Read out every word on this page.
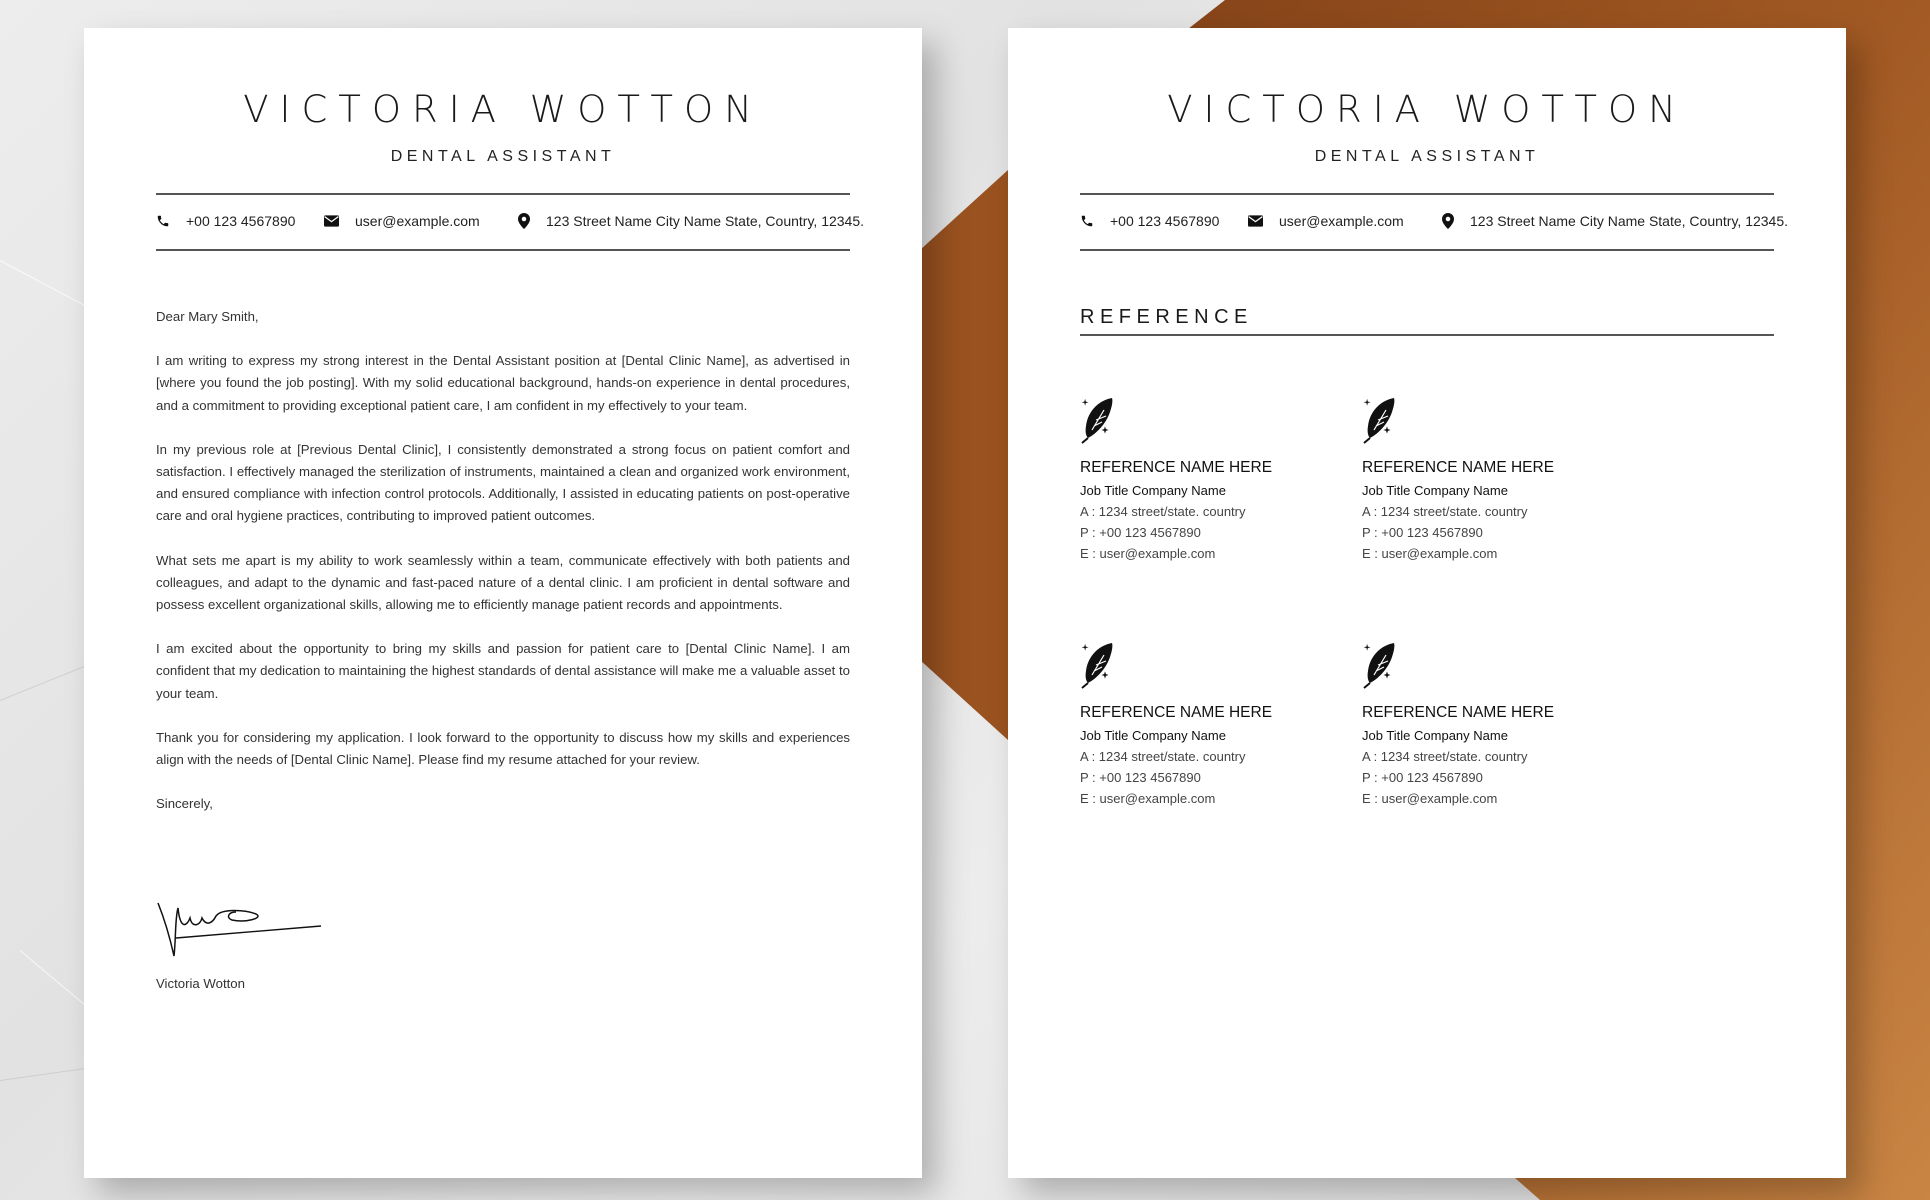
VICTORIA WOTTON
DENTAL ASSISTANT
+00 123 4567890	user@example.com	123 Street Name City Name State, Country, 12345.

Dear Mary Smith,

I am writing to express my strong interest in the Dental Assistant position at [Dental Clinic Name], as advertised in [where you found the job posting]. With my solid educational background, hands-on experience in dental procedures, and a commitment to providing exceptional patient care, I am confident in my effectively to your team.

In my previous role at [Previous Dental Clinic], I consistently demonstrated a strong focus on patient comfort and satisfaction. I effectively managed the sterilization of instruments, maintained a clean and organized work environment, and ensured compliance with infection control protocols. Additionally, I assisted in educating patients on post-operative care and oral hygiene practices, contributing to improved patient outcomes.

What sets me apart is my ability to work seamlessly within a team, communicate effectively with both patients and colleagues, and adapt to the dynamic and fast-paced nature of a dental clinic. I am proficient in dental software and possess excellent organizational skills, allowing me to efficiently manage patient records and appointments.

I am excited about the opportunity to bring my skills and passion for patient care to [Dental Clinic Name]. I am confident that my dedication to maintaining the highest standards of dental assistance will make me a valuable asset to your team.

Thank you for considering my application. I look forward to the opportunity to discuss how my skills and experiences align with the needs of [Dental Clinic Name]. Please find my resume attached for your review.

Sincerely,

Victoria Wotton
VICTORIA WOTTON
DENTAL ASSISTANT
+00 123 4567890	user@example.com	123 Street Name City Name State, Country, 12345.
REFERENCE
REFERENCE NAME HERE
Job Title Company Name
A : 1234 street/state. country
P : +00 123 4567890
E : user@example.com
REFERENCE NAME HERE
Job Title Company Name
A : 1234 street/state. country
P : +00 123 4567890
E : user@example.com
REFERENCE NAME HERE
Job Title Company Name
A : 1234 street/state. country
P : +00 123 4567890
E : user@example.com
REFERENCE NAME HERE
Job Title Company Name
A : 1234 street/state. country
P : +00 123 4567890
E : user@example.com
